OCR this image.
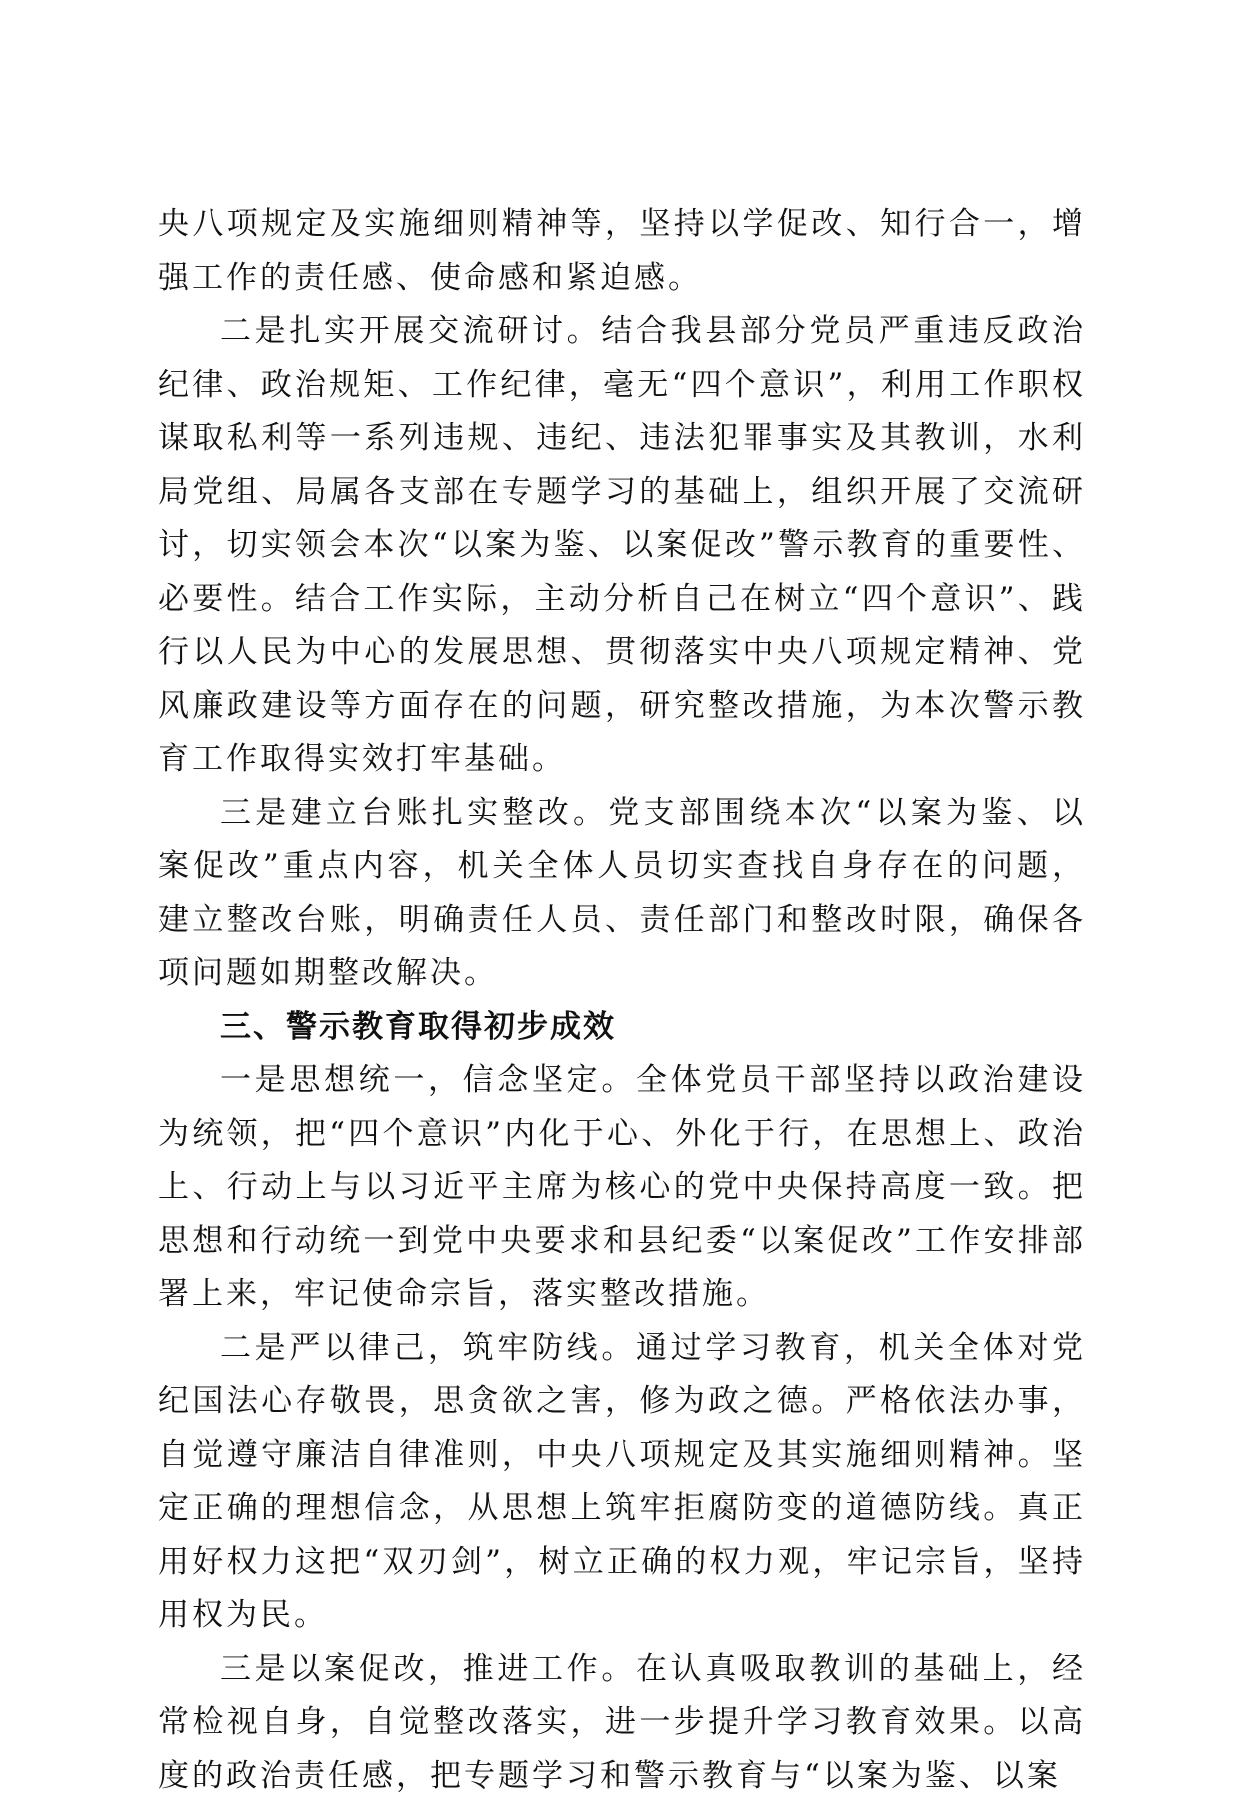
央八项规定及实施细则精神等，坚持以学促改、知行合一，增强工作的责任感、使命感和紧迫感。

二是扎实开展交流研讨。结合我县部分党员严重违反政治纪律、政治规矩、工作纪律，毫无“四个意识”，利用工作职权谋取私利等一系列违规、违纪、违法犯罪事实及其教训，水利局党组、局属各支部在专题学习的基础上，组织开展了交流研讨，切实领会本次“以案为鉴、以案促改”警示教育的重要性、必要性。结合工作实际，主动分析自己在树立“四个意识”、践行以人民为中心的发展思想、贯彻落实中央八项规定精神、党风廉政建设等方面存在的问题，研究整改措施，为本次警示教育工作取得实效打牢基础。

三是建立台账扎实整改。党支部围绕本次“以案为鉴、以案促改”重点内容，机关全体人员切实查找自身存在的问题，建立整改台账，明确责任人员、责任部门和整改时限，确保各项问题如期整改解决。

三、警示教育取得初步成效

一是思想统一，信念坚定。全体党员干部坚持以政治建设为统领，把“四个意识”内化于心、外化于行，在思想上、政治上、行动上与以习近平主席为核心的党中央保持高度一致。把思想和行动统一到党中央要求和县纪委“以案促改”工作安排部署上来，牢记使命宗旨，落实整改措施。

二是严以律己，筑牢防线。通过学习教育，机关全体对党纪国法心存敬畏，思贪欲之害，修为政之德。严格依法办事，自觉遵守廉洁自律准则，中央八项规定及其实施细则精神。坚定正确的理想信念，从思想上筑牢拒腐防变的道德防线。真正用好权力这把“双刃剑”，树立正确的权力观，牢记宗旨，坚持用权为民。

三是以案促改，推进工作。在认真吸取教训的基础上，经常检视自身，自觉整改落实，进一步提升学习教育效果。以高度的政治责任感，把专题学习和警示教育与“以案为鉴、以案
